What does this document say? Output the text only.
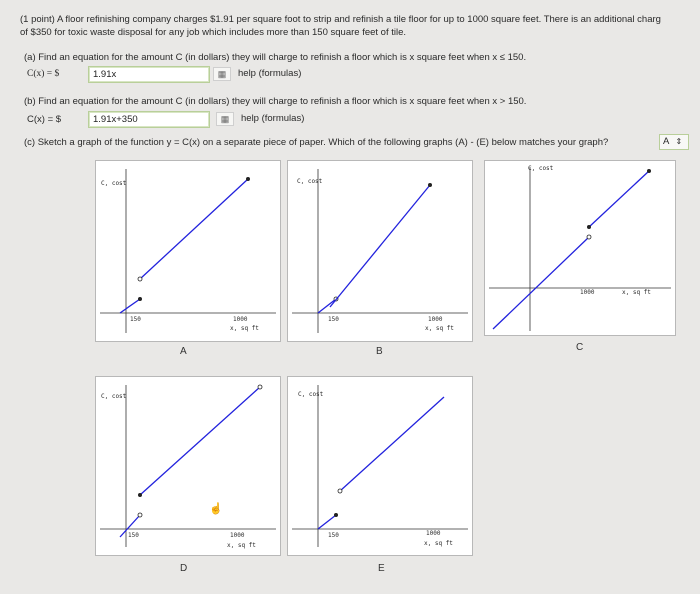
(1 point) A floor refinishing company charges $1.91 per square foot to strip and refinish a tile floor for up to 1000 square feet. There is an additional charg
of $350 for toxic waste disposal for any job which includes more than 150 square feet of tile.
(a) Find an equation for the amount C (in dollars) they will charge to refinish a floor which is x square feet when x ≤ 150.
C(x) = $	1.91x	▦	help (formulas)
(b) Find an equation for the amount C (in dollars) they will charge to refinish a floor which is x square feet when x > 150.
C(x) = $	1.91x+350	▦	help (formulas)
(c) Sketch a graph of the function y = C(x) on a separate piece of paper. Which of the following graphs (A) - (E) below matches your graph?	A ⇕
C, cost
150	1000
x, sq ft
A
C, cost
150	1000
x, sq ft
B
C, cost
1000	x, sq ft
C
☝
C, cost
150	1000
x, sq ft
D
C, cost
150	1000
x, sq ft
E
